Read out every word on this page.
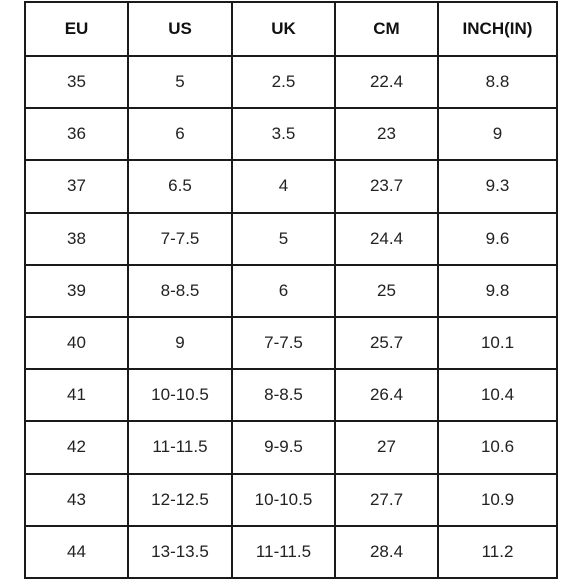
EU	US	UK	CM	INCH(IN)
35	5	2.5	22.4	8.8
36	6	3.5	23	9
37	6.5	4	23.7	9.3
38	7-7.5	5	24.4	9.6
39	8-8.5	6	25	9.8
40	9	7-7.5	25.7	10.1
41	10-10.5	8-8.5	26.4	10.4
42	11-11.5	9-9.5	27	10.6
43	12-12.5	10-10.5	27.7	10.9
44	13-13.5	11-11.5	28.4	11.2
